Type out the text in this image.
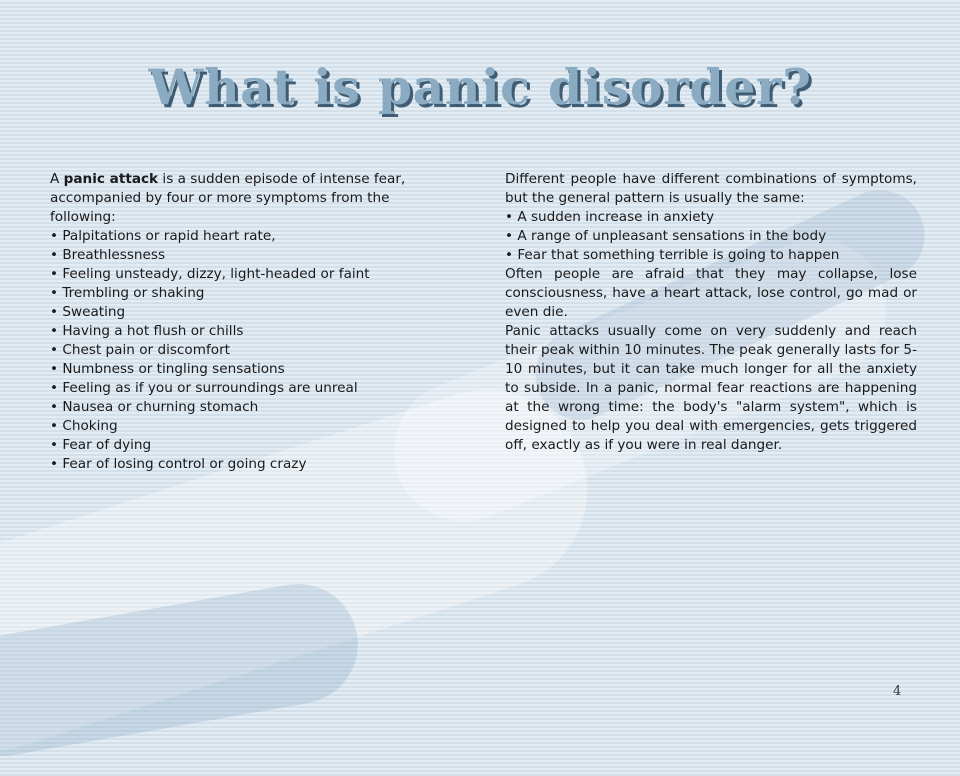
What is panic disorder?

A panic attack is a sudden episode of intense fear, accompanied by four or more symptoms from the following:

• Palpitations or rapid heart rate,

• Breathlessness

• Feeling unsteady, dizzy, light-headed or faint

• Trembling or shaking

• Sweating

• Having a hot flush or chills

• Chest pain or discomfort

• Numbness or tingling sensations

• Feeling as if you or surroundings are unreal

• Nausea or churning stomach

• Choking

• Fear of dying

• Fear of losing control or going crazy

Different people have different combinations of symptoms, but the general pattern is usually the same:

• A sudden increase in anxiety

• A range of unpleasant sensations in the body

• Fear that something terrible is going to happen

Often people are afraid that they may collapse, lose consciousness, have a heart attack, lose control, go mad or even die.

Panic attacks usually come on very suddenly and reach their peak within 10 minutes. The peak generally lasts for 5-10 minutes, but it can take much longer for all the anxiety to subside. In a panic, normal fear reactions are happening at the wrong time: the body's "alarm system", which is designed to help you deal with emergencies, gets triggered off, exactly as if you were in real danger.

4
